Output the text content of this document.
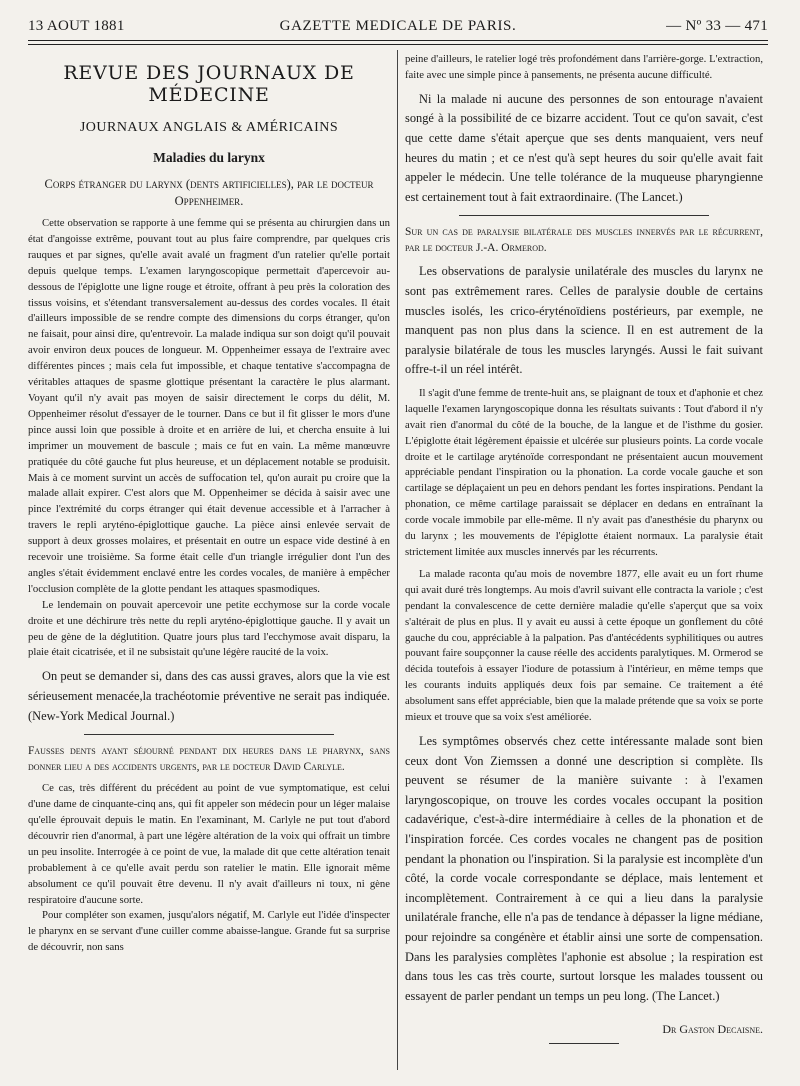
13 AOUT 1881	GAZETTE MEDICALE DE PARIS.	— Nº 33 — 471
REVUE DES JOURNAUX DE MÉDECINE
JOURNAUX ANGLAIS & AMÉRICAINS
Maladies du larynx
Corps étranger du larynx (dents artificielles), par le docteur Oppenheimer.

Cette observation se rapporte à une femme qui se présenta au chirurgien dans un état d'angoisse extrême, pouvant tout au plus faire comprendre, par quelques cris rauques et par signes, qu'elle avait avalé un fragment d'un ratelier qu'elle portait depuis quelque temps. L'examen laryngoscopique permettait d'apercevoir au-dessous de l'épiglotte une ligne rouge et étroite, offrant à peu près la coloration des tissus voisins, et s'étendant transversalement au-dessus des cordes vocales. Il était d'ailleurs impossible de se rendre compte des dimensions du corps étranger, qu'on ne faisait, pour ainsi dire, qu'entrevoir. La malade indiqua sur son doigt qu'il pouvait avoir environ deux pouces de longueur. M. Oppenheimer essaya de l'extraire avec différentes pinces ; mais cela fut impossible, et chaque tentative s'accompagna de véritables attaques de spasme glottique présentant la caractère le plus alarmant. Voyant qu'il n'y avait pas moyen de saisir directement le corps du délit, M. Oppenheimer résolut d'essayer de le tourner. Dans ce but il fit glisser le mors d'une pince aussi loin que possible à droite et en arrière de lui, et chercha ensuite à lui imprimer un mouvement de bascule ; mais ce fut en vain. La même manœuvre pratiquée du côté gauche fut plus heureuse, et un déplacement notable se produisit. Mais à ce moment survint un accès de suffocation tel, qu'on aurait pu croire que la malade allait expirer. C'est alors que M. Oppenheimer se décida à saisir avec une pince l'extrémité du corps étranger qui était devenue accessible et à l'arracher à travers le repli aryténo-épiglottique gauche. La pièce ainsi enlevée servait de support à deux grosses molaires, et présentait en outre un espace vide destiné à en recevoir une troisième. Sa forme était celle d'un triangle irrégulier dont l'un des angles s'était évidemment enclavé entre les cordes vocales, de manière à empêcher l'occlusion complète de la glotte pendant les attaques spasmodiques.

Le lendemain on pouvait apercevoir une petite ecchymose sur la corde vocale droite et une déchirure très nette du repli aryténo-épiglottique gauche. Il y avait un peu de gène de la déglutition. Quatre jours plus tard l'ecchymose avait disparu, la plaie était cicatrisée, et il ne subsistait qu'une légère raucité de la voix.

On peut se demander si, dans des cas aussi graves, alors que la vie est sérieusement menacée,la trachéotomie préventive ne serait pas indiquée. (New-York Medical Journal.)

Fausses dents ayant séjourné pendant dix heures dans le pharynx, sans donner lieu a des accidents urgents, par le docteur David Carlyle.

Ce cas, très différent du précédent au point de vue symptomatique, est celui d'une dame de cinquante-cinq ans, qui fit appeler son médecin pour un léger malaise qu'elle éprouvait depuis le matin. En l'examinant, M. Carlyle ne put tout d'abord découvrir rien d'anormal, à part une légère altération de la voix qui offrait un timbre un peu insolite. Interrogée à ce point de vue, la malade dit que cette altération tenait probablement à ce qu'elle avait perdu son ratelier le matin. Elle ignorait même absolument ce qu'il pouvait être devenu. Il n'y avait d'ailleurs ni toux, ni gène respiratoire d'aucune sorte.

Pour compléter son examen, jusqu'alors négatif, M. Carlyle eut l'idée d'inspecter le pharynx en se servant d'une cuiller comme abaisse-langue. Grande fut sa surprise de découvrir, non sans

peine d'ailleurs, le ratelier logé très profondément dans l'arrière-gorge. L'extraction, faite avec une simple pince à pansements, ne présenta aucune difficulté.

Ni la malade ni aucune des personnes de son entourage n'avaient songé à la possibilité de ce bizarre accident. Tout ce qu'on savait, c'est que cette dame s'était aperçue que ses dents manquaient, vers neuf heures du matin ; et ce n'est qu'à sept heures du soir qu'elle avait fait appeler le médecin. Une telle tolérance de la muqueuse pharyngienne est certainement tout à fait extraordinaire. (The Lancet.)

Sur un cas de paralysie bilatérale des muscles innervés par le récurrent, par le docteur J.-A. Ormerod.

Les observations de paralysie unilatérale des muscles du larynx ne sont pas extrêmement rares. Celles de paralysie double de certains muscles isolés, les crico-éryténoïdiens postérieurs, par exemple, ne manquent pas non plus dans la science. Il en est autrement de la paralysie bilatérale de tous les muscles laryngés. Aussi le fait suivant offre-t-il un réel intérêt.

Il s'agit d'une femme de trente-huit ans, se plaignant de toux et d'aphonie et chez laquelle l'examen laryngoscopique donna les résultats suivants : Tout d'abord il n'y avait rien d'anormal du côté de la bouche, de la langue et de l'isthme du gosier. L'épiglotte était légèrement épaissie et ulcérée sur plusieurs points. La corde vocale droite et le cartilage aryténoïde correspondant ne présentaient aucun mouvement appréciable pendant l'inspiration ou la phonation. La corde vocale gauche et son cartilage se déplaçaient un peu en dehors pendant les fortes inspirations. Pendant la phonation, ce même cartilage paraissait se déplacer en dedans en entraînant la corde vocale immobile par elle-même. Il n'y avait pas d'anesthésie du pharynx ou du larynx ; les mouvements de l'épiglotte étaient normaux. La paralysie était strictement limitée aux muscles innervés par les récurrents.

La malade raconta qu'au mois de novembre 1877, elle avait eu un fort rhume qui avait duré très longtemps. Au mois d'avril suivant elle contracta la variole ; c'est pendant la convalescence de cette dernière maladie qu'elle s'aperçut que sa voix s'altérait de plus en plus. Il y avait eu aussi à cette époque un gonflement du côté gauche du cou, appréciable à la palpation. Pas d'antécédents syphilitiques ou autres pouvant faire soupçonner la cause réelle des accidents paralytiques. M. Ormerod se décida toutefois à essayer l'iodure de potassium à l'intérieur, en même temps que les courants induits appliqués deux fois par semaine. Ce traitement a été absolument sans effet appréciable, bien que la malade prétende que sa voix se porte mieux et trouve que sa voix s'est améliorée.

Les symptômes observés chez cette intéressante malade sont bien ceux dont Von Ziemssen a donné une description si complète. Ils peuvent se résumer de la manière suivante : à l'examen laryngoscopique, on trouve les cordes vocales occupant la position cadavérique, c'est-à-dire intermédiaire à celles de la phonation et de l'inspiration forcée. Ces cordes vocales ne changent pas de position pendant la phonation ou l'inspiration. Si la paralysie est incomplète d'un côté, la corde vocale correspondante se déplace, mais lentement et incomplètement. Contrairement à ce qui a lieu dans la paralysie unilatérale franche, elle n'a pas de tendance à dépasser la ligne médiane, pour rejoindre sa congénère et établir ainsi une sorte de compensation. Dans les paralysies complètes l'aphonie est absolue ; la respiration est dans tous les cas très courte, surtout lorsque les malades toussent ou essayent de parler pendant un temps un peu long. (The Lancet.)

Dr Gaston Decaisne.
